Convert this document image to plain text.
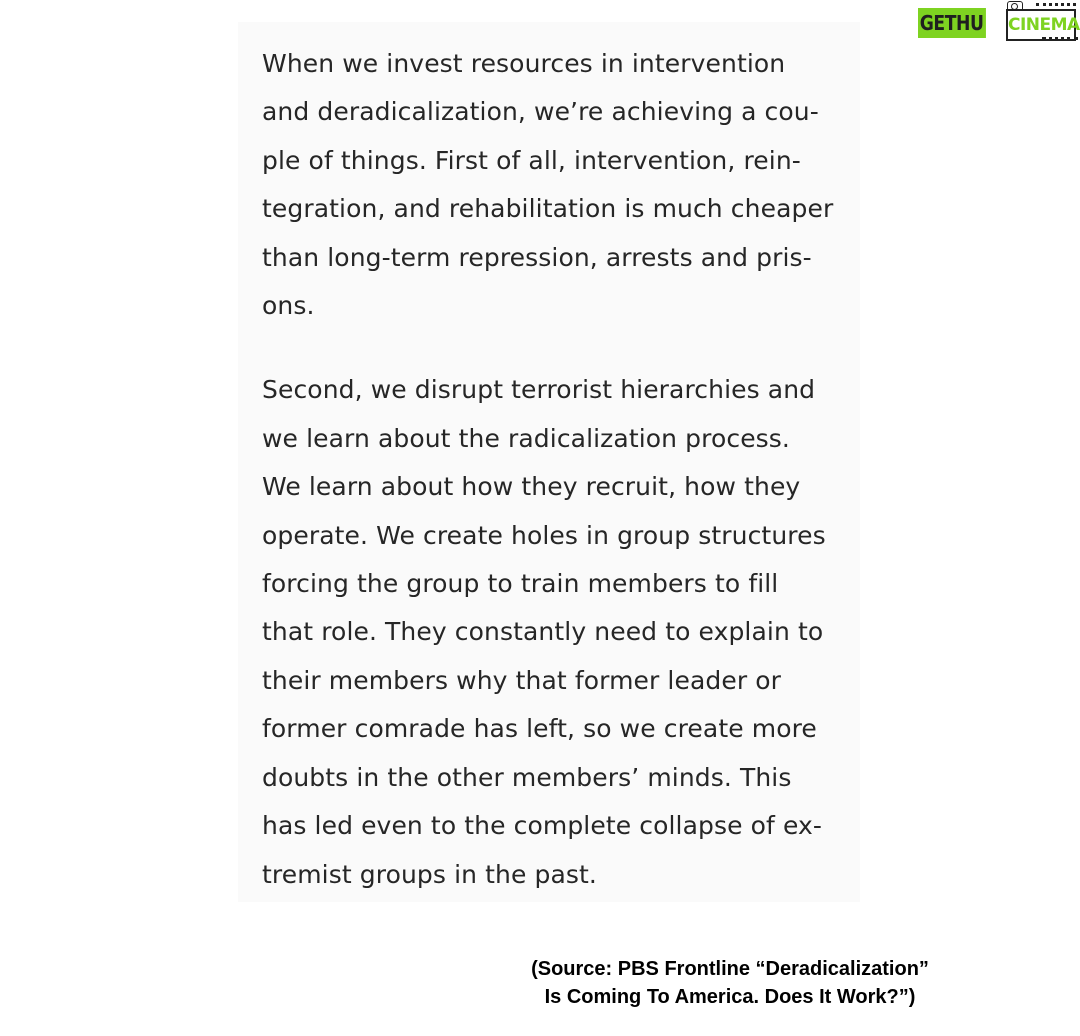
GETHU CINEMA
When we invest resources in intervention
and deradicalization, we’re achieving a cou-
ple of things. First of all, intervention, rein-
tegration, and rehabilitation is much cheaper
than long-term repression, arrests and pris-
ons.
Second, we disrupt terrorist hierarchies and
we learn about the radicalization process.
We learn about how they recruit, how they
operate. We create holes in group structures
forcing the group to train members to fill
that role. They constantly need to explain to
their members why that former leader or
former comrade has left, so we create more
doubts in the other members’ minds. This
has led even to the complete collapse of ex-
tremist groups in the past.
(Source: PBS Frontline “Deradicalization”
Is Coming To America. Does It Work?”)
